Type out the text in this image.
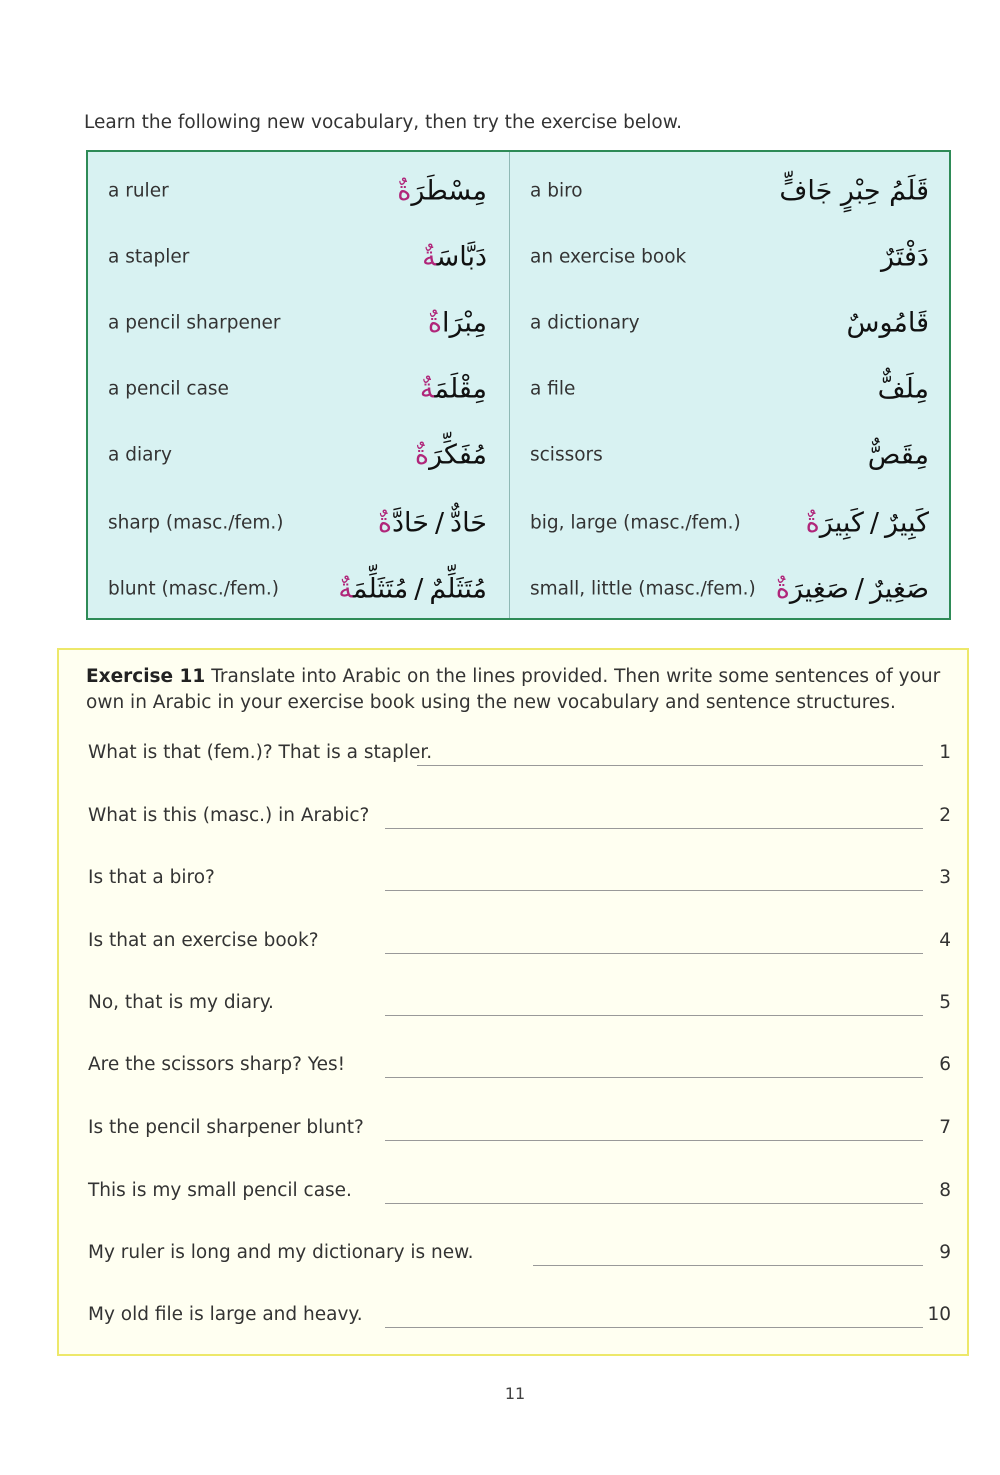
Learn the following new vocabulary, then try the exercise below.
a ruler	مِسْطَرَةٌ	a biro	قَلَمُ حِبْرٍ جَافٍّ
a stapler	دَبَّاسَةٌ	an exercise book	دَفْتَرٌ
a pencil sharpener	مِبْرَاةٌ	a dictionary	قَامُوسٌ
a pencil case	مِقْلَمَةٌ	a file	مِلَفٌّ
a diary	مُفَكِّرَةٌ	scissors	مِقَصٌّ
sharp (masc./fem.)	حَادٌّ/حَادَّةٌ	big, large (masc./fem.)	كَبِيرٌ/كَبِيرَةٌ
blunt (masc./fem.)	مُتَثَلِّمٌ/مُتَثَلِّمَةٌ	small, little (masc./fem.)	صَغِيرٌ/صَغِيرَةٌ
Exercise 11 Translate into Arabic on the lines provided. Then write some sentences of your own in Arabic in your exercise book using the new vocabulary and sentence structures.
What is that (fem.)? That is a stapler.	1
What is this (masc.) in Arabic?	2
Is that a biro?	3
Is that an exercise book?	4
No, that is my diary.	5
Are the scissors sharp? Yes!	6
Is the pencil sharpener blunt?	7
This is my small pencil case.	8
My ruler is long and my dictionary is new.	9
My old file is large and heavy.	10
11
